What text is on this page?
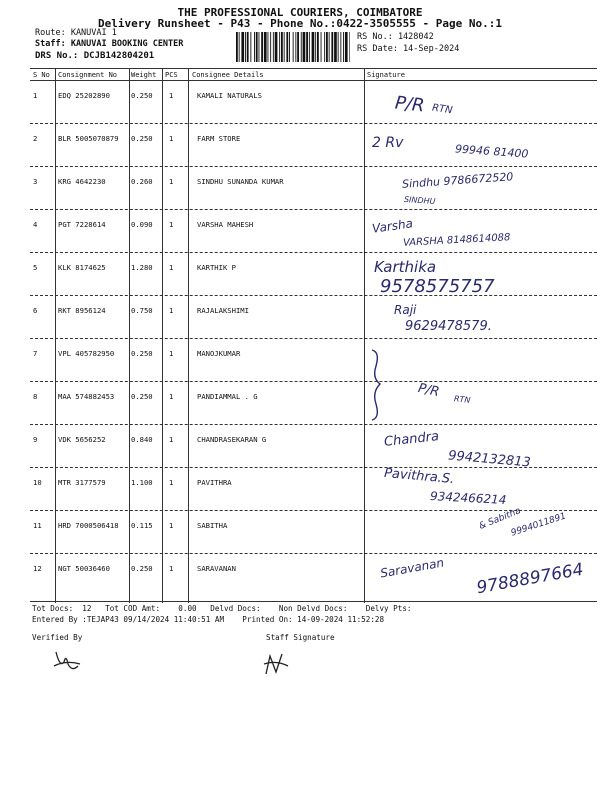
THE PROFESSIONAL COURIERS, COIMBATORE
Delivery Runsheet - P43 - Phone No.:0422-3505555 - Page No.:1
Route: KANUVAI 1
Staff: KANUVAI BOOKING CENTER
DRS No.: DCJB142804201
RS No.: 1428042
RS Date: 14-Sep-2024
S No Consignment No Weight PCS Consignee Details	Signature
1	EDQ 25202890	0.250 1	KAMALI NATURALS	P/R RTN
2	BLR 5005070879 0.250 1	FARM STORE	2 Rv	99946 81400
3	KRG 4642230	0.260 1	SINDHU SUNANDA KUMAR	Sindhu 9786672520
SINDHU
4	PGT 7228614	0.090 1	VARSHA MAHESH	Varsha
VARSHA 8148614088
5	KLK 8174625	1.280 1	KARTHIK P	Karthika
9578575757
6	RKT 8956124	0.750 1	RAJALAKSHIMI	Raji
9629478579.
7	VPL 405782950 0.250 1	MANOJKUMAR
8	MAA 574882453 0.250 1	PANDIAMMAL . G	P/R RTN
9	VDK 5656252	0.840 1	CHANDRASEKARAN G	Chandra
9942132813
10 MTR 3177579	1.100 1	PAVITHRA	Pavithra.S.
9342466214
11 HRD 7000506418 0.115 1	SABITHA	& Sabitha
9994011891
12 NGT 50036460	0.250 1	SARAVANAN	Saravanan 9788897664
Tot Docs:  12   Tot COD Amt:    0.00   Delvd Docs:    Non Delvd Docs:    Delvy Pts:
Entered By :TEJAP43 09/14/2024 11:40:51 AM    Printed On: 14-09-2024 11:52:28
Verified By	Staff Signature
